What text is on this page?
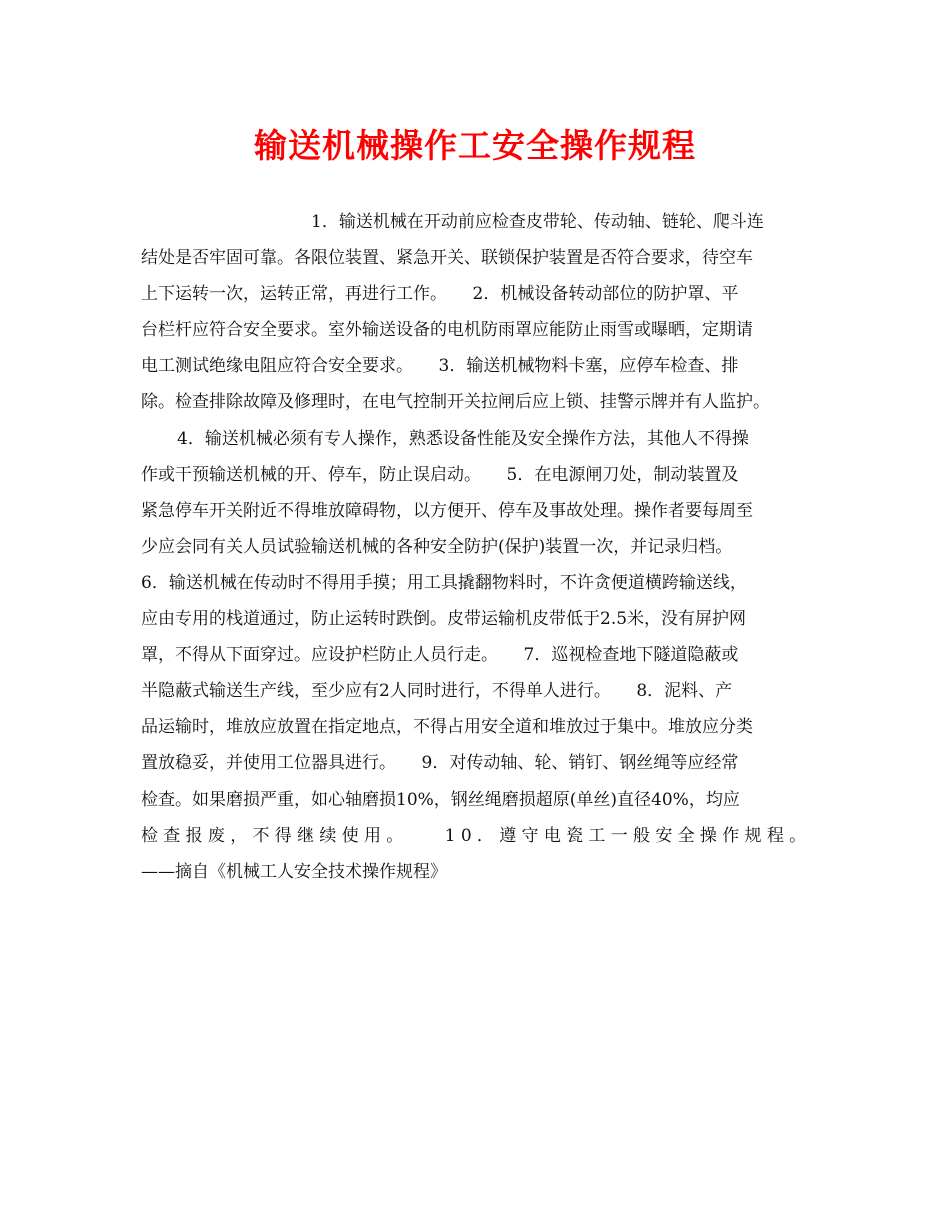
输送机械操作工安全操作规程
1．输送机械在开动前应检查皮带轮、传动轴、链轮、爬斗连
结处是否牢固可靠。各限位装置、紧急开关、联锁保护装置是否符合要求，待空车
上下运转一次，运转正常，再进行工作。　　2．机械设备转动部位的防护罩、平
台栏杆应符合安全要求。室外输送设备的电机防雨罩应能防止雨雪或曝晒，定期请
电工测试绝缘电阻应符合安全要求。　　3．输送机械物料卡塞，应停车检查、排
除。检查排除故障及修理时，在电气控制开关拉闸后应上锁、挂警示牌并有人监护。
4．输送机械必须有专人操作，熟悉设备性能及安全操作方法，其他人不得操
作或干预输送机械的开、停车，防止误启动。　　5．在电源闸刀处，制动装置及
紧急停车开关附近不得堆放障碍物，以方便开、停车及事故处理。操作者要每周至
少应会同有关人员试验输送机械的各种安全防护(保护)装置一次，并记录归档。
6．输送机械在传动时不得用手摸；用工具撬翻物料时，不许贪便道横跨输送线，
应由专用的栈道通过，防止运转时跌倒。皮带运输机皮带低于2.5米，没有屏护网
罩，不得从下面穿过。应设护栏防止人员行走。　　7．巡视检查地下隧道隐蔽或
半隐蔽式输送生产线，至少应有2人同时进行，不得单人进行。　　8．泥料、产
品运输时，堆放应放置在指定地点，不得占用安全道和堆放过于集中。堆放应分类
置放稳妥，并使用工位器具进行。　　9．对传动轴、轮、销钉、钢丝绳等应经常
检查。如果磨损严重，如心轴磨损10%，钢丝绳磨损超原(单丝)直径40%，均应
检查报废，不得继续使用。　　10．遵守电瓷工一般安全操作规程。
——摘自《机械工人安全技术操作规程》
